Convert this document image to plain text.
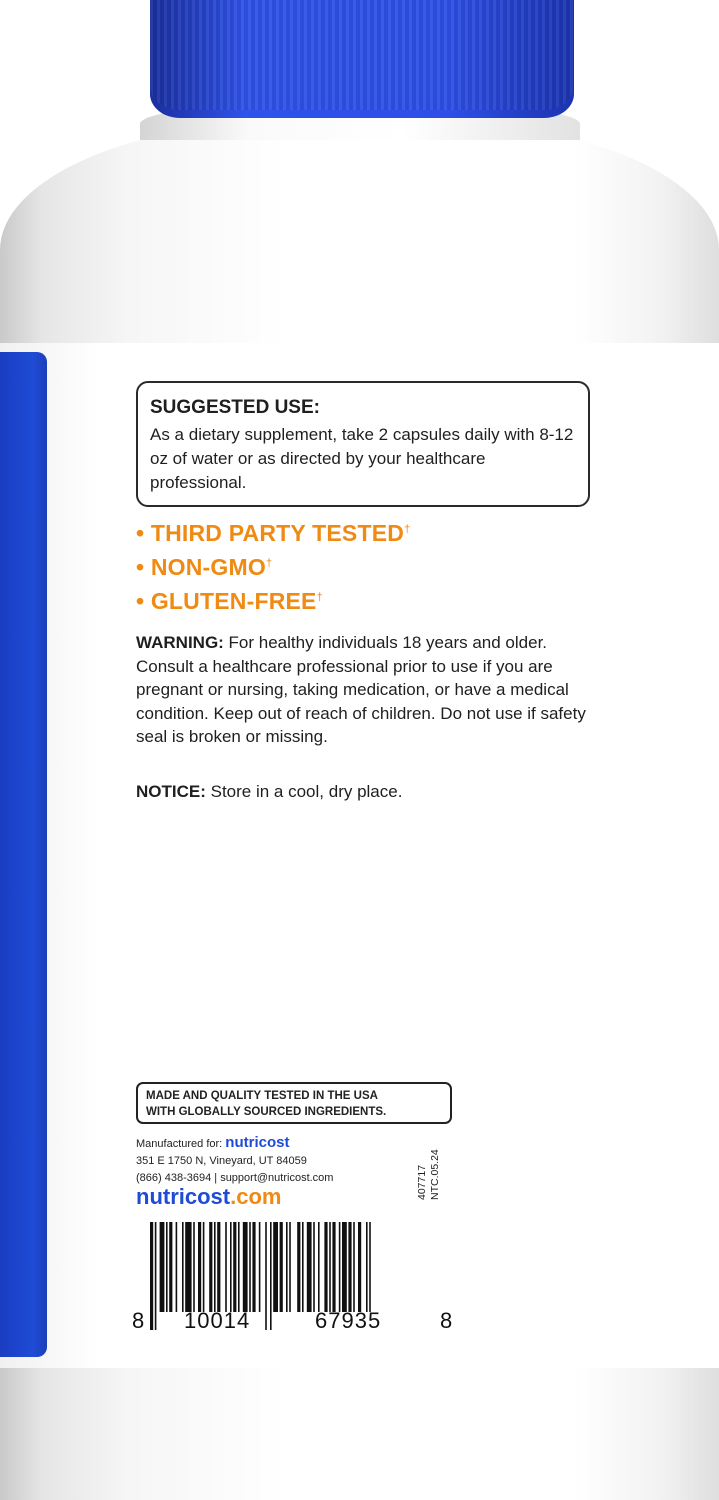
SUGGESTED USE:
As a dietary supplement, take 2 capsules daily with 8-12 oz of water or as directed by your healthcare professional.
• THIRD PARTY TESTED†
• NON-GMO†
• GLUTEN-FREE†
WARNING: For healthy individuals 18 years and older. Consult a healthcare professional prior to use if you are pregnant or nursing, taking medication, or have a medical condition. Keep out of reach of children. Do not use if safety seal is broken or missing.
NOTICE: Store in a cool, dry place.
MADE AND QUALITY TESTED IN THE USA
WITH GLOBALLY SOURCED INGREDIENTS.
Manufactured for: nutricost
351 E 1750 N, Vineyard, UT 84059
(866) 438-3694 | support@nutricost.com
nutricost.com	407717 NTC.05.24
8 10014	67935	8
